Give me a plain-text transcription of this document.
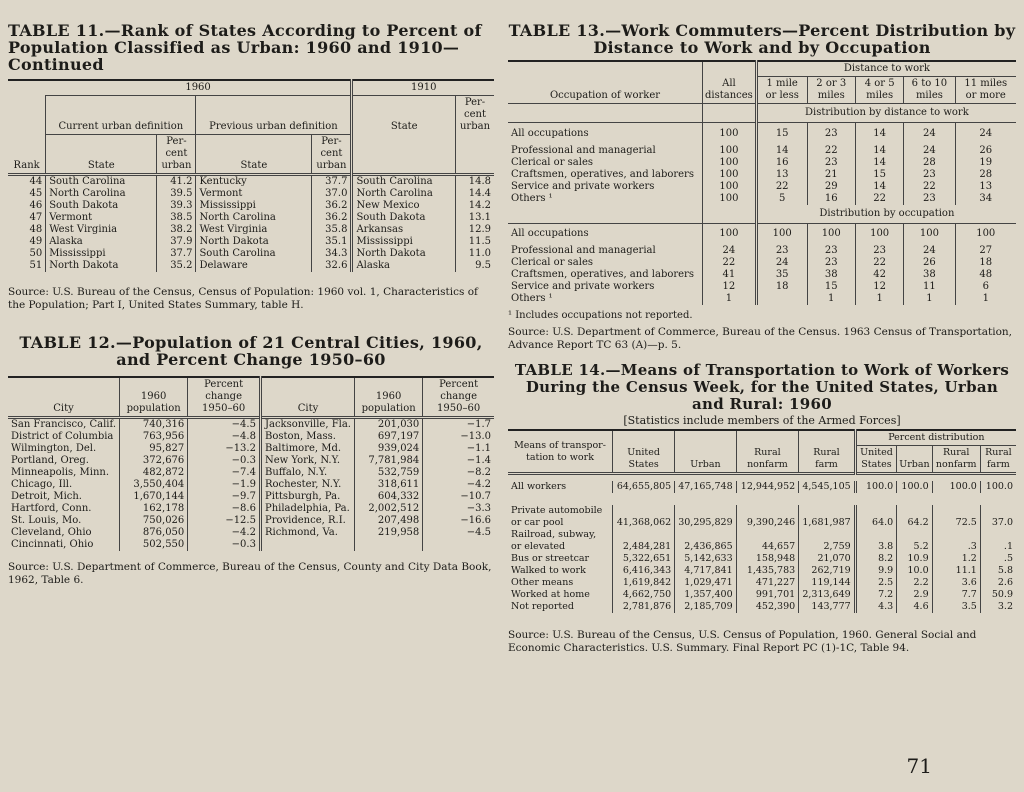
TABLE 11.—Rank of States According to Percent of Population Classified as Urban: 1960 and 1910—Continued

	1960				1910	
Rank	Current urban definition		Previous urban definition		State	Per- cent urban
	State	Per- cent urban	State	Per- cent urban		
44	South Carolina	41.2	Kentucky	37.7	South Carolina	14.8
45	North Carolina	39.5	Vermont	37.0	North Carolina	14.4
46	South Dakota	39.3	Mississippi	36.2	New Mexico	14.2
47	Vermont	38.5	North Carolina	36.2	South Dakota	13.1
48	West Virginia	38.2	West Virginia	35.8	Arkansas	12.9
49	Alaska	37.9	North Dakota	35.1	Mississippi	11.5
50	Mississippi	37.7	South Carolina	34.3	North Dakota	11.0
51	North Dakota	35.2	Delaware	32.6	Alaska	9.5

Source: U.S. Bureau of the Census, Census of Population: 1960 vol. 1, Characteristics of the Population; Part I, United States Summary, table H.

TABLE 12.—Population of 21 Central Cities, 1960, and Percent Change 1950–60

City	1960 population	Percent change 1950–60	City	1960 population	Percent change 1950–60
San Francisco, Calif.	740,316	−4.5	Jacksonville, Fla.	201,030	−1.7
District of Columbia	763,956	−4.8	Boston, Mass.	697,197	−13.0
Wilmington, Del.	95,827	−13.2	Baltimore, Md.	939,024	−1.1
Portland, Oreg.	372,676	−0.3	New York, N.Y.	7,781,984	−1.4
Minneapolis, Minn.	482,872	−7.4	Buffalo, N.Y.	532,759	−8.2
Chicago, Ill.	3,550,404	−1.9	Rochester, N.Y.	318,611	−4.2
Detroit, Mich.	1,670,144	−9.7	Pittsburgh, Pa.	604,332	−10.7
Hartford, Conn.	162,178	−8.6	Philadelphia, Pa.	2,002,512	−3.3
St. Louis, Mo.	750,026	−12.5	Providence, R.I.	207,498	−16.6
Cleveland, Ohio	876,050	−4.2	Richmond, Va.	219,958	−4.5
Cincinnati, Ohio	502,550	−0.3			

Source: U.S. Department of Commerce, Bureau of the Census, County and City Data Book, 1962, Table 6.

TABLE 13.—Work Commuters—Percent Distribution by Distance to Work and by Occupation

Occupation of worker	All distances	Distance to work				
		1 mile or less	2 or 3 miles	4 or 5 miles	6 to 10 miles	11 miles or more
		Distribution by distance to work				
All occupations	100	15	23	14	24	24
Professional and managerial	100	14	22	14	24	26
Clerical or sales	100	16	23	14	28	19
Craftsmen, operatives, and laborers	100	13	21	15	23	28
Service and private workers	100	22	29	14	22	13
Others ¹	100	5	16	22	23	34
		Distribution by occupation				
All occupations	100	100	100	100	100	100
Professional and managerial	24	23	23	23	24	27
Clerical or sales	22	24	23	22	26	18
Craftsmen, operatives, and laborers	41	35	38	42	38	48
Service and private workers	12	18	15	12	11	6
Others ¹	1		1	1	1	1

¹ Includes occupations not reported.

Source: U.S. Department of Commerce, Bureau of the Census. 1963 Census of Transportation, Advance Report TC 63 (A)—p. 5.

TABLE 14.—Means of Transportation to Work of Workers During the Census Week, for the United States, Urban and Rural: 1960

[Statistics include members of the Armed Forces]

Means of transpor- tation to work	United States	Urban	Rural nonfarm	Rural farm	Percent distribution			
					United States	Urban	Rural nonfarm	Rural farm

All workers	64,655,805	47,165,748	12,944,952	4,545,105	100.0	100.0	100.0	100.0

Private automobile								
or car pool	41,368,062	30,295,829	9,390,246	1,681,987	64.0	64.2	72.5	37.0
Railroad, subway,								
or elevated	2,484,281	2,436,865	44,657	2,759	3.8	5.2	.3	.1
Bus or streetcar	5,322,651	5,142,633	158,948	21,070	8.2	10.9	1.2	.5
Walked to work	6,416,343	4,717,841	1,435,783	262,719	9.9	10.0	11.1	5.8
Other means	1,619,842	1,029,471	471,227	119,144	2.5	2.2	3.6	2.6
Worked at home	4,662,750	1,357,400	991,701	2,313,649	7.2	2.9	7.7	50.9
Not reported	2,781,876	2,185,709	452,390	143,777	4.3	4.6	3.5	3.2

Source: U.S. Bureau of the Census, U.S. Census of Population, 1960. General Social and Economic Characteristics. U.S. Summary. Final Report PC (1)-1C, Table 94.

71
